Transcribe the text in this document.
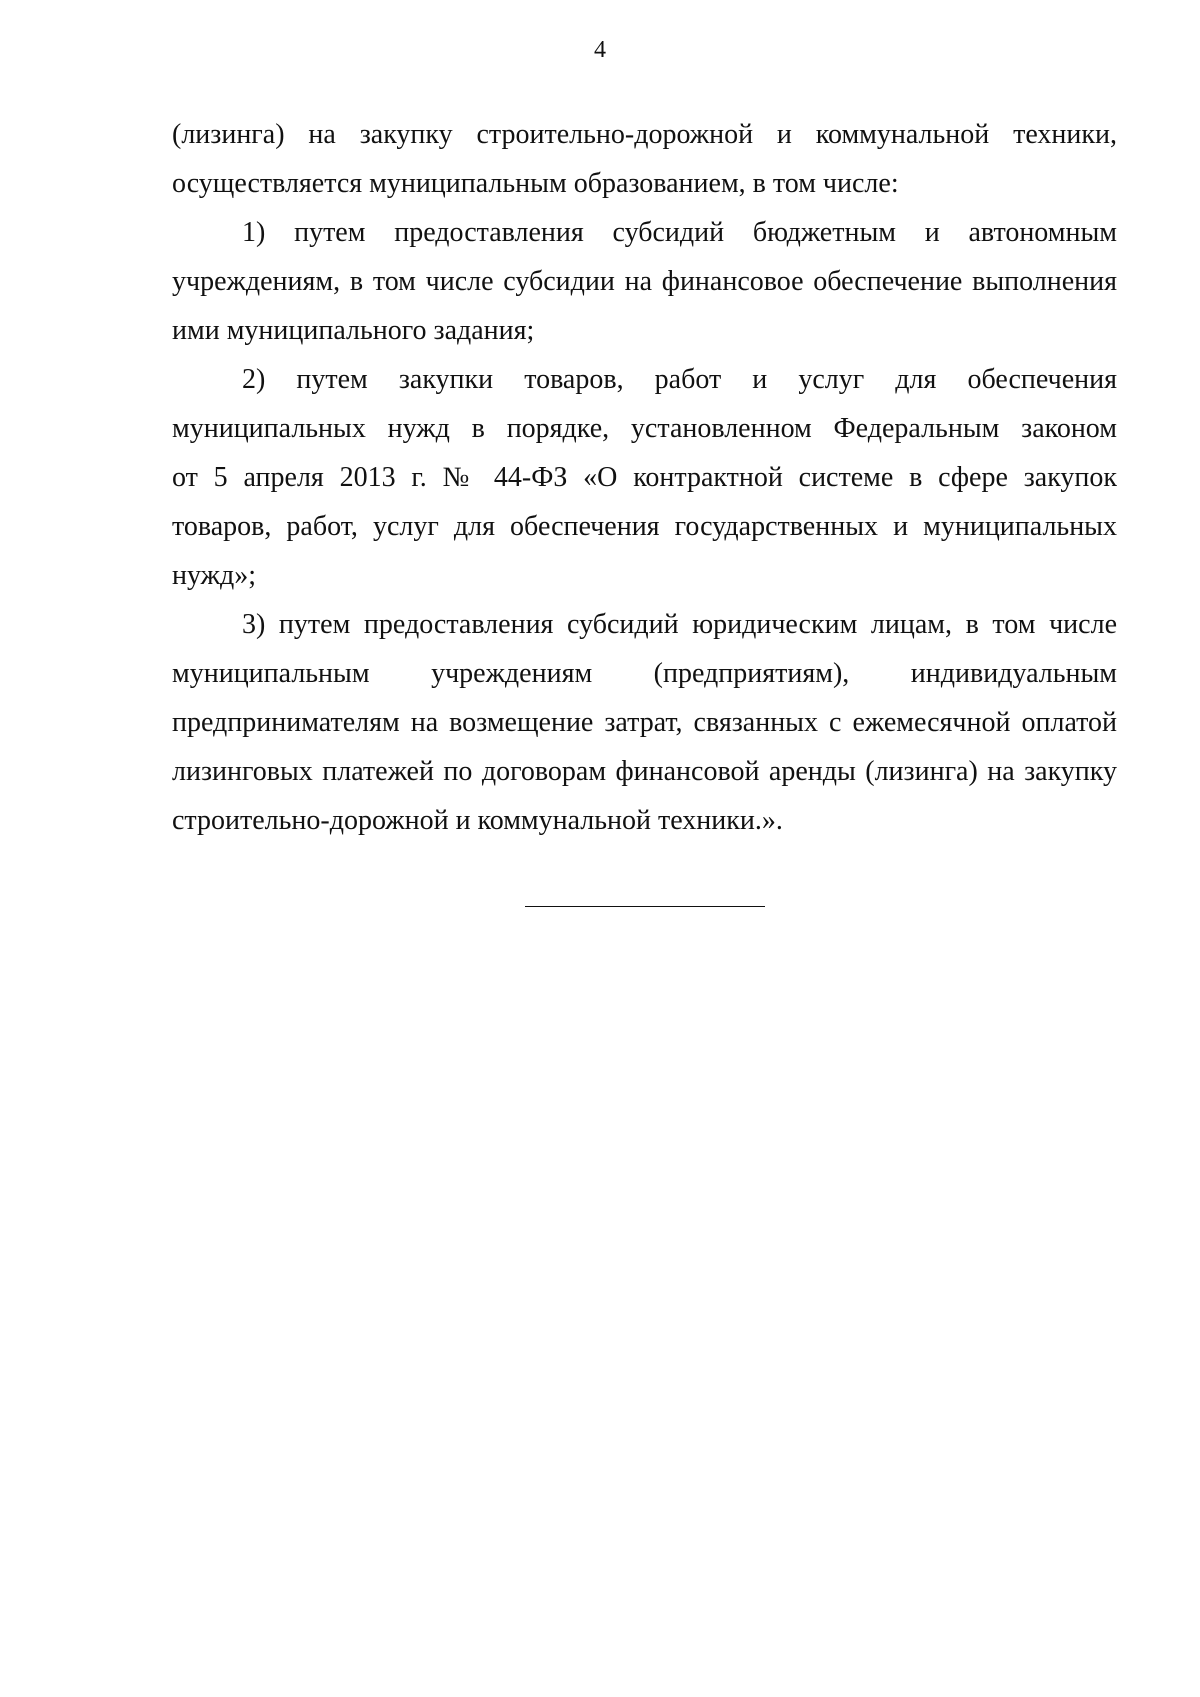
4

(лизинга) на закупку строительно-дорожной и коммунальной техники,
осуществляется муниципальным образованием, в том числе:

1) путем предоставления субсидий бюджетным и автономным
учреждениям, в том числе субсидии на финансовое обеспечение выполнения
ими муниципального задания;

2) путем закупки товаров, работ и услуг для обеспечения
муниципальных нужд в порядке, установленном Федеральным законом
от 5 апреля 2013 г. № 44-ФЗ «О контрактной системе в сфере закупок
товаров, работ, услуг для обеспечения государственных и муниципальных
нужд»;

3) путем предоставления субсидий юридическим лицам, в том числе
муниципальным учреждениям (предприятиям), индивидуальным
предпринимателям на возмещение затрат, связанных с ежемесячной оплатой
лизинговых платежей по договорам финансовой аренды (лизинга) на закупку
строительно-дорожной и коммунальной техники.».
